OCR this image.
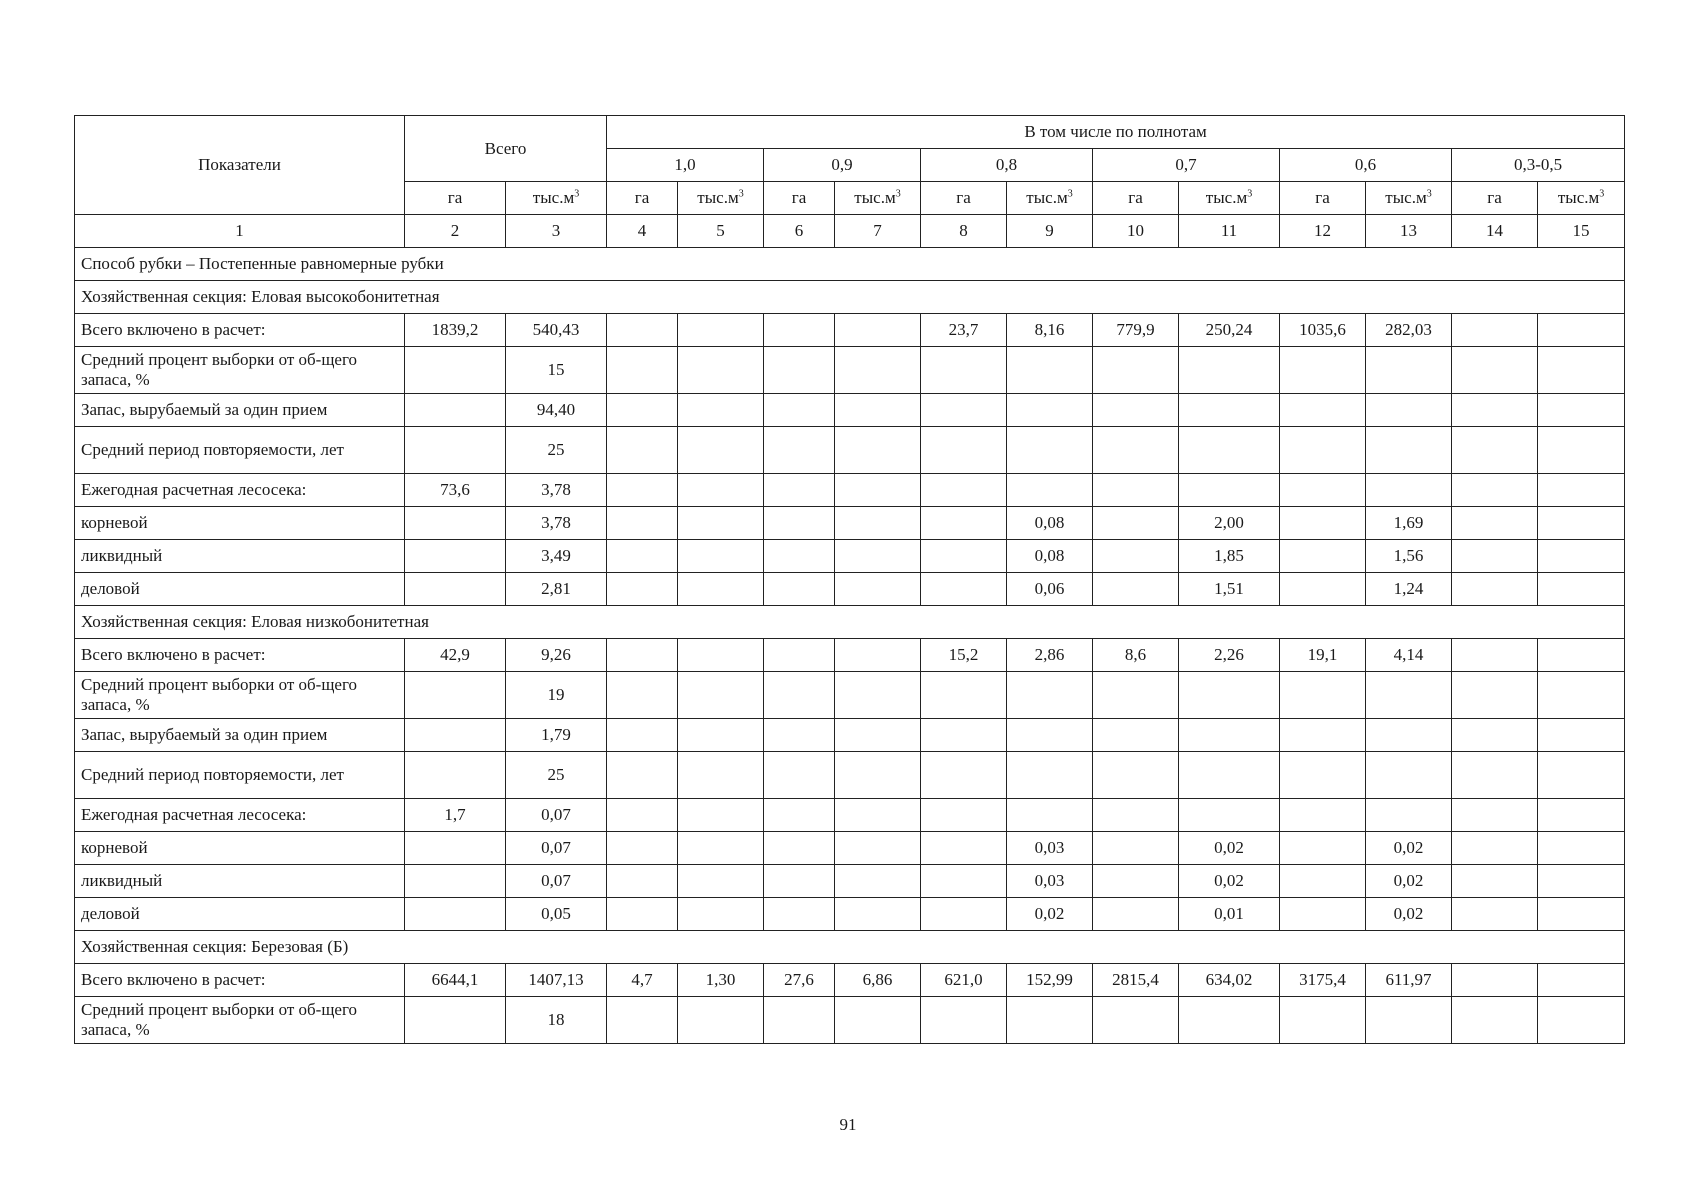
Показатели	Всего		В том числе по полнотам											
			1,0		0,9		0,8		0,7		0,6		0,3-0,5	
	га	$тыс.м^3$	га	$тыс.м^3$	га	$тыс.м^3$	га	$тыс.м^3$	га	$тыс.м^3$	га	$тыс.м^3$	га	$тыс.м^3$
1	2	3	4	5	6	7	8	9	10	11	12	13	14	15
Способ рубки – Постепенные равномерные рубки														
Хозяйственная секция: Еловая высокобонитетная														
Всего включено в расчет:	1839,2	540,43					23,7	8,16	779,9	250,24	1035,6	282,03		
Средний процент выборки от об-щего запаса, %		15												
Запас, вырубаемый за один прием		94,40												
Средний период повторяемости, лет		25												
Ежегодная расчетная лесосека:	73,6	3,78												
корневой		3,78						0,08		2,00		1,69		
ликвидный		3,49						0,08		1,85		1,56		
деловой		2,81						0,06		1,51		1,24		
Хозяйственная секция: Еловая низкобонитетная														
Всего включено в расчет:	42,9	9,26					15,2	2,86	8,6	2,26	19,1	4,14		
Средний процент выборки от об-щего запаса, %		19												
Запас, вырубаемый за один прием		1,79												
Средний период повторяемости, лет		25												
Ежегодная расчетная лесосека:	1,7	0,07												
корневой		0,07						0,03		0,02		0,02		
ликвидный		0,07						0,03		0,02		0,02		
деловой		0,05						0,02		0,01		0,02		
Хозяйственная секция: Березовая (Б)														
Всего включено в расчет:	6644,1	1407,13	4,7	1,30	27,6	6,86	621,0	152,99	2815,4	634,02	3175,4	611,97		
Средний процент выборки от об-щего запаса, %		18												
91
